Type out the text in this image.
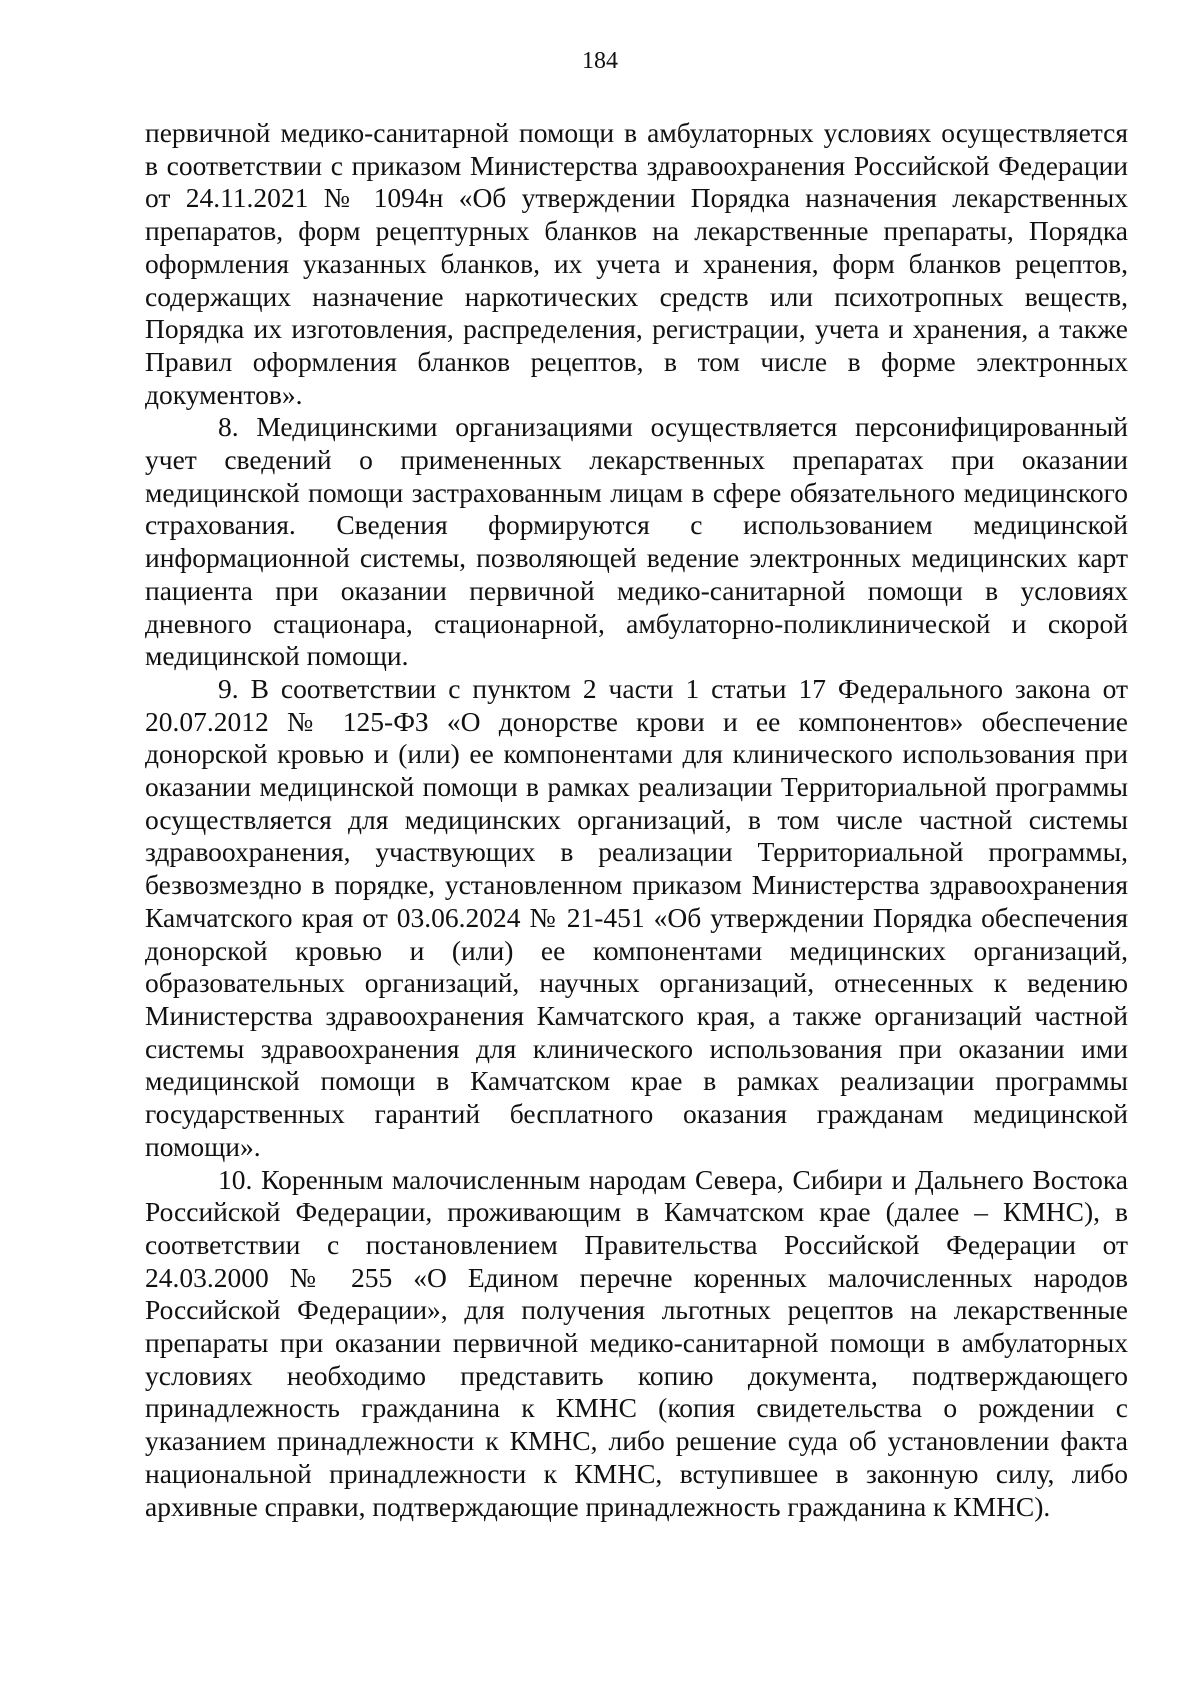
184

первичной медико-санитарной помощи в амбулаторных условиях осуществляется в соответствии с приказом Министерства здравоохранения Российской Федерации от 24.11.2021 № 1094н «Об утверждении Порядка назначения лекарственных препаратов, форм рецептурных бланков на лекарственные препараты, Порядка оформления указанных бланков, их учета и хранения, форм бланков рецептов, содержащих назначение наркотических средств или психотропных веществ, Порядка их изготовления, распределения, регистрации, учета и хранения, а также Правил оформления бланков рецептов, в том числе в форме электронных документов».

8. Медицинскими организациями осуществляется персонифицированный учет сведений о примененных лекарственных препаратах при оказании медицинской помощи застрахованным лицам в сфере обязательного медицинского страхования. Сведения формируются с использованием медицинской информационной системы, позволяющей ведение электронных медицинских карт пациента при оказании первичной медико-санитарной помощи в условиях дневного стационара, стационарной, амбулаторно-поликлинической и скорой медицинской помощи.

9. В соответствии с пунктом 2 части 1 статьи 17 Федерального закона от 20.07.2012 № 125-ФЗ «О донорстве крови и ее компонентов» обеспечение донорской кровью и (или) ее компонентами для клинического использования при оказании медицинской помощи в рамках реализации Территориальной программы осуществляется для медицинских организаций, в том числе частной системы здравоохранения, участвующих в реализации Территориальной программы, безвозмездно в порядке, установленном приказом Министерства здравоохранения Камчатского края от 03.06.2024 № 21-451 «Об утверждении Порядка обеспечения донорской кровью и (или) ее компонентами медицинских организаций, образовательных организаций, научных организаций, отнесенных к ведению Министерства здравоохранения Камчатского края, а также организаций частной системы здравоохранения для клинического использования при оказании ими медицинской помощи в Камчатском крае в рамках реализации программы государственных гарантий бесплатного оказания гражданам медицинской помощи».

10. Коренным малочисленным народам Севера, Сибири и Дальнего Востока Российской Федерации, проживающим в Камчатском крае (далее – КМНС), в соответствии с постановлением Правительства Российской Федерации от 24.03.2000 № 255 «О Едином перечне коренных малочисленных народов Российской Федерации», для получения льготных рецептов на лекарственные препараты при оказании первичной медико-санитарной помощи в амбулаторных условиях необходимо представить копию документа, подтверждающего принадлежность гражданина к КМНС (копия свидетельства о рождении с указанием принадлежности к КМНС, либо решение суда об установлении факта национальной принадлежности к КМНС, вступившее в законную силу, либо архивные справки, подтверждающие принадлежность гражданина к КМНС).
